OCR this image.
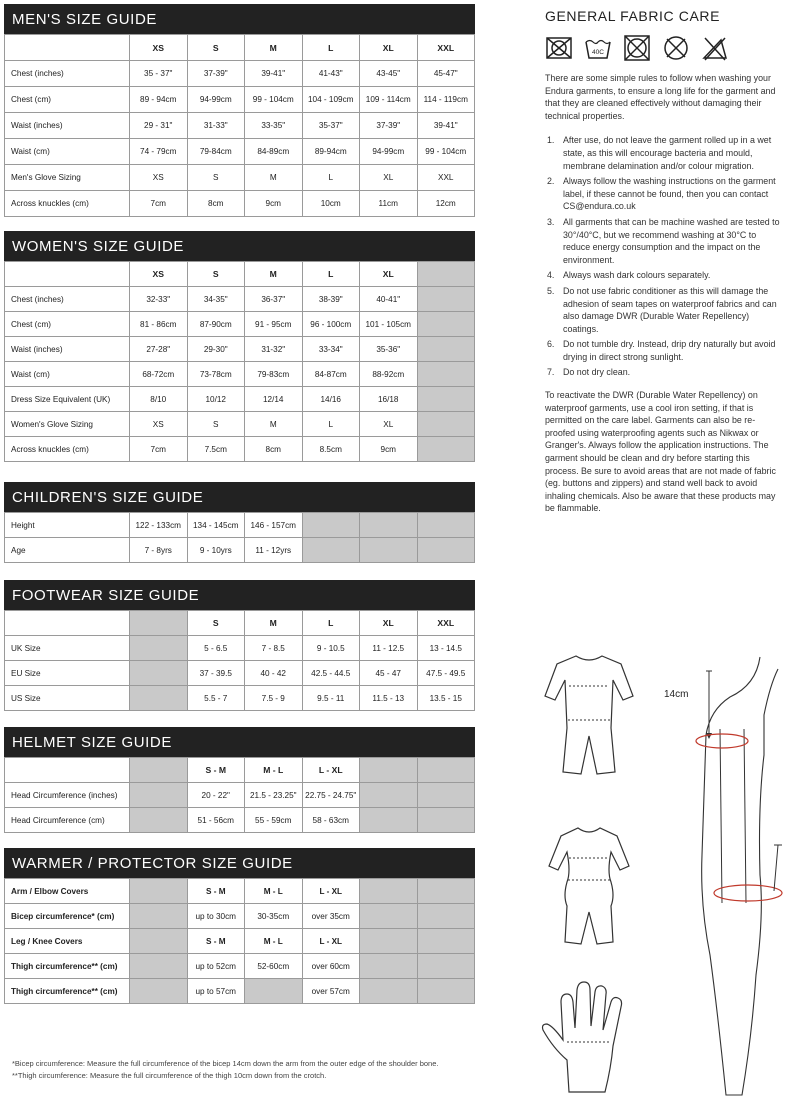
MEN'S SIZE GUIDE
	XS	S	M	L	XL	XXL
Chest (inches)	35 - 37"	37-39"	39-41"	41-43"	43-45"	45-47"
Chest (cm)	89 - 94cm	94-99cm	99 - 104cm	104 - 109cm	109 - 114cm	114 - 119cm
Waist (inches)	29 - 31"	31-33"	33-35"	35-37"	37-39"	39-41"
Waist (cm)	74 - 79cm	79-84cm	84-89cm	89-94cm	94-99cm	99 - 104cm
Men's Glove Sizing	XS	S	M	L	XL	XXL
Across knuckles (cm)	7cm	8cm	9cm	10cm	11cm	12cm
WOMEN'S SIZE GUIDE
	XS	S	M	L	XL	
Chest (inches)	32-33"	34-35"	36-37"	38-39"	40-41"	
Chest (cm)	81 - 86cm	87-90cm	91 - 95cm	96 - 100cm	101 - 105cm	
Waist (inches)	27-28"	29-30"	31-32"	33-34"	35-36"	
Waist (cm)	68-72cm	73-78cm	79-83cm	84-87cm	88-92cm	
Dress Size Equivalent (UK)	8/10	10/12	12/14	14/16	16/18	
Women's Glove Sizing	XS	S	M	L	XL	
Across knuckles (cm)	7cm	7.5cm	8cm	8.5cm	9cm	
CHILDREN'S SIZE GUIDE
Height	122 - 133cm	134 - 145cm	146 - 157cm			
Age	7 - 8yrs	9 - 10yrs	11 - 12yrs			
FOOTWEAR SIZE GUIDE
		S	M	L	XL	XXL
UK Size		5 - 6.5	7 - 8.5	9 - 10.5	11 - 12.5	13 - 14.5
EU Size		37 - 39.5	40 - 42	42.5 - 44.5	45 - 47	47.5 - 49.5
US Size		5.5 - 7	7.5 - 9	9.5 - 11	11.5 - 13	13.5 - 15
HELMET SIZE GUIDE
		S - M	M - L	L - XL		
Head Circumference (inches)		20 - 22"	21.5 - 23.25"	22.75 - 24.75"		
Head Circumference (cm)		51 - 56cm	55 - 59cm	58 - 63cm		
WARMER / PROTECTOR SIZE GUIDE
Arm / Elbow Covers		S - M	M - L	L - XL		
Bicep circumference* (cm)		up to 30cm	30-35cm	over 35cm		
Leg / Knee Covers		S - M	M - L	L - XL		
Thigh circumference** (cm)		up to 52cm	52-60cm	over 60cm		
Thigh circumference** (cm)		up to 57cm		over 57cm		
*Bicep circumference: Measure the full circumference of the bicep 14cm down the arm from the outer edge of the shoulder bone.
**Thigh circumference: Measure the full circumference of the thigh 10cm down from the crotch.
GENERAL FABRIC CARE
40C
There are some simple rules to follow when washing your Endura garments, to ensure a long life for the garment and that they are cleaned effectively without damaging their technical properties.
1. After use, do not leave the garment rolled up in a wet state, as this will encourage bacteria and mould, membrane delamination and/or colour migration.
2. Always follow the washing instructions on the garment label, if these cannot be found, then you can contact CS@endura.co.uk
3. All garments that can be machine washed are tested to 30°/40°C, but we recommend washing at 30°C to reduce energy consumption and the impact on the environment.
4. Always wash dark colours separately.
5. Do not use fabric conditioner as this will damage the adhesion of seam tapes on waterproof fabrics and can also damage DWR (Durable Water Repellency) coatings.
6. Do not tumble dry. Instead, drip dry naturally but avoid drying in direct strong sunlight.
7. Do not dry clean.
To reactivate the DWR (Durable Water Repellency) on waterproof garments, use a cool iron setting, if that is permitted on the care label. Garments can also be re-proofed using waterproofing agents such as Nikwax or Granger's. Always follow the application instructions. The garment should be clean and dry before starting this process. Be sure to avoid areas that are not made of fabric (eg. buttons and zippers) and stand well back to avoid inhaling chemicals. Also be aware that these products may be flammable.
14cm
